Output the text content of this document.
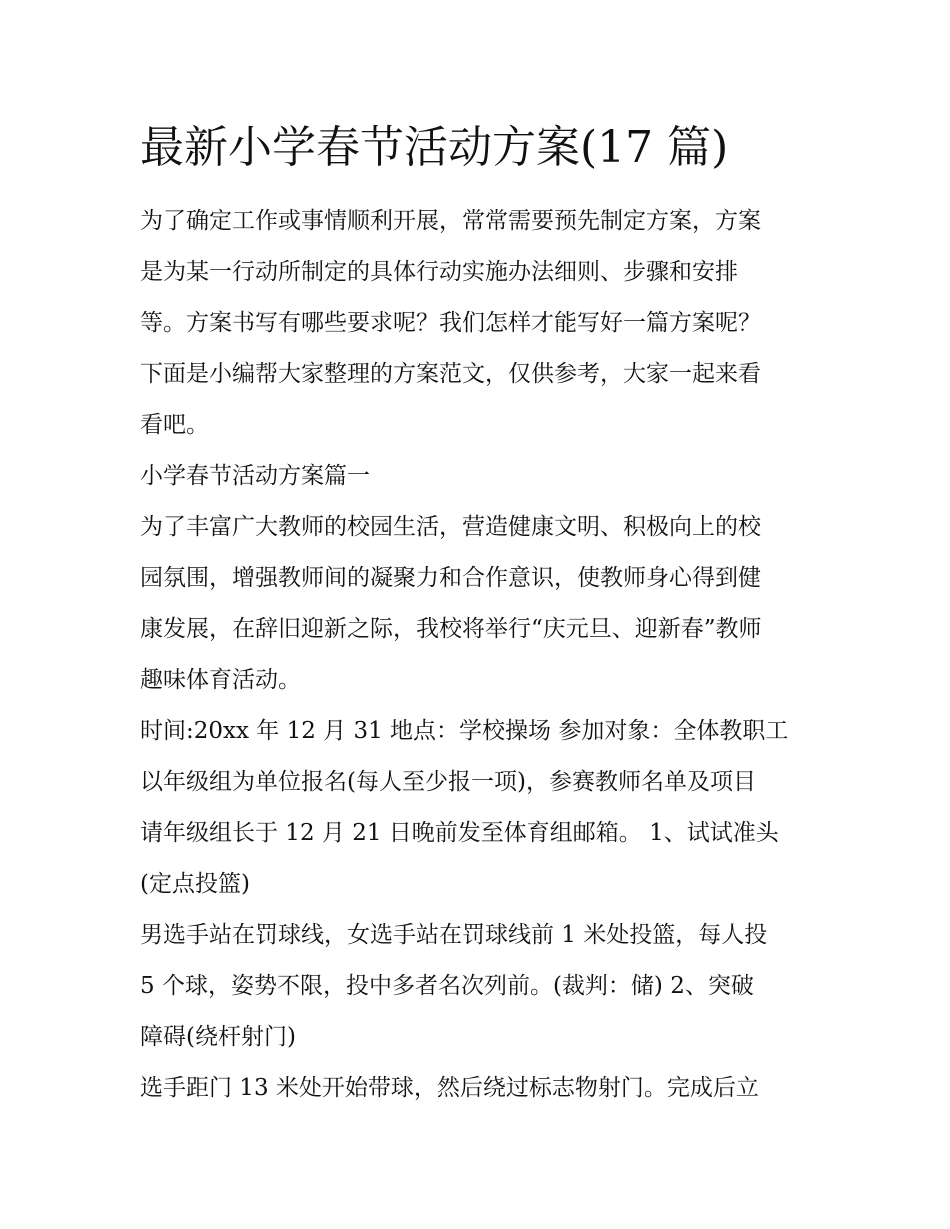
最新小学春节活动方案(17 篇)
为了确定工作或事情顺利开展，常常需要预先制定方案，方案
是为某一行动所制定的具体行动实施办法细则、步骤和安排
等。方案书写有哪些要求呢？我们怎样才能写好一篇方案呢？
下面是小编帮大家整理的方案范文，仅供参考，大家一起来看
看吧。
小学春节活动方案篇一
为了丰富广大教师的校园生活，营造健康文明、积极向上的校
园氛围，增强教师间的凝聚力和合作意识，使教师身心得到健
康发展，在辞旧迎新之际，我校将举行“庆元旦、迎新春”教师
趣味体育活动。
时间:20xx 年 12 月 31 地点：学校操场 参加对象：全体教职工
以年级组为单位报名(每人至少报一项)，参赛教师名单及项目
请年级组长于 12 月 21 日晚前发至体育组邮箱。 1、试试准头
(定点投篮)
男选手站在罚球线，女选手站在罚球线前 1 米处投篮，每人投
5 个球，姿势不限，投中多者名次列前。(裁判：储) 2、突破
障碍(绕杆射门)
选手距门 13 米处开始带球，然后绕过标志物射门。完成后立
